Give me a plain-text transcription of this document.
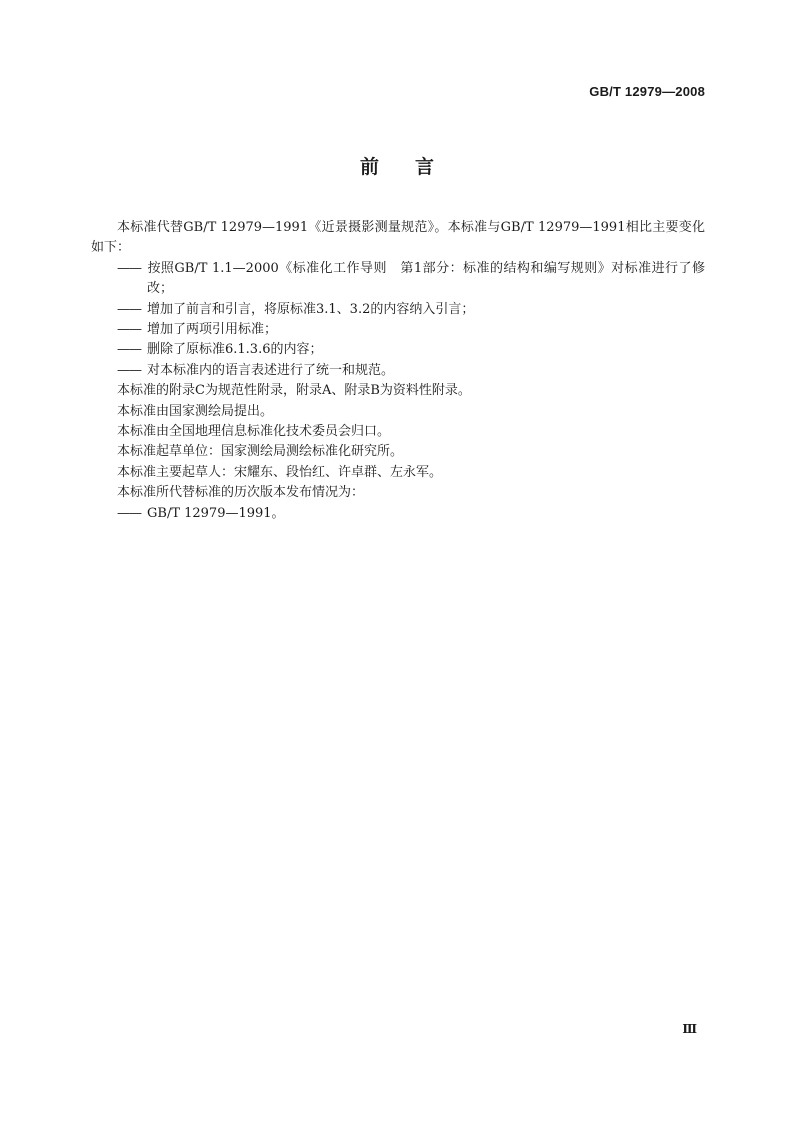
GB/T 12979—2008
前言

本标准代替GB/T 12979—1991《近景摄影测量规范》。本标准与GB/T 12979—1991相比主要变化如下：

—— 按照GB/T 1.1—2000《标准化工作导则　第1部分：标准的结构和编写规则》对标准进行了修改；

—— 增加了前言和引言，将原标准3.1、3.2的内容纳入引言；

—— 增加了两项引用标准；

—— 删除了原标准6.1.3.6的内容；

—— 对本标准内的语言表述进行了统一和规范。

本标准的附录C为规范性附录，附录A、附录B为资料性附录。

本标准由国家测绘局提出。

本标准由全国地理信息标准化技术委员会归口。

本标准起草单位：国家测绘局测绘标准化研究所。

本标准主要起草人：宋耀东、段怡红、许卓群、左永军。

本标准所代替标准的历次版本发布情况为：

—— GB/T 12979—1991。

Ⅲ
